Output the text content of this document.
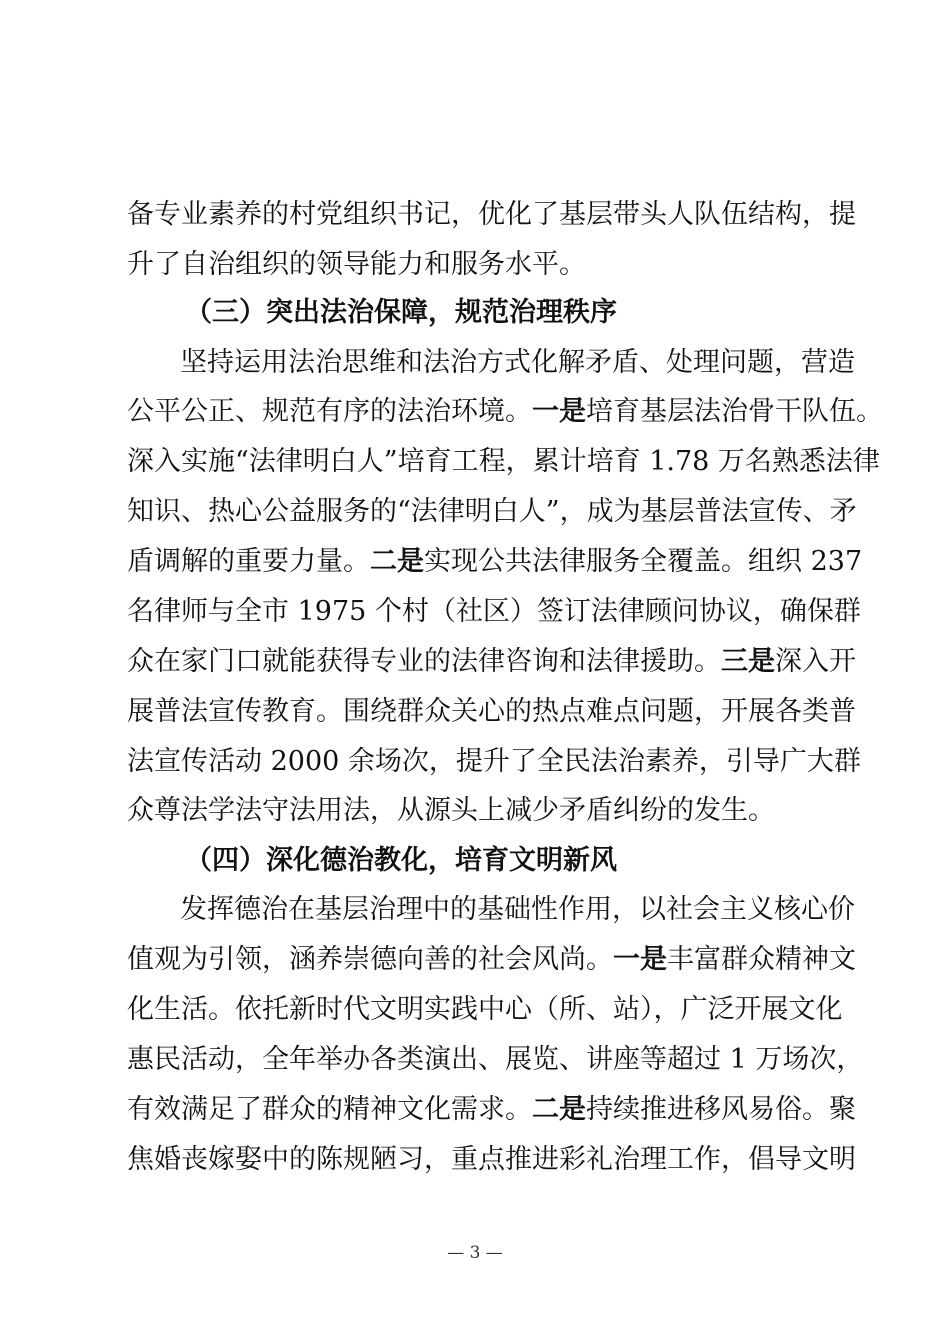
备专业素养的村党组织书记，优化了基层带头人队伍结构，提
升了自治组织的领导能力和服务水平。
（三）突出法治保障，规范治理秩序
坚持运用法治思维和法治方式化解矛盾、处理问题，营造
公平公正、规范有序的法治环境。一是培育基层法治骨干队伍。
深入实施“法律明白人”培育工程，累计培育 1.78 万名熟悉法律
知识、热心公益服务的“法律明白人”，成为基层普法宣传、矛
盾调解的重要力量。二是实现公共法律服务全覆盖。组织 237
名律师与全市 1975 个村（社区）签订法律顾问协议，确保群
众在家门口就能获得专业的法律咨询和法律援助。三是深入开
展普法宣传教育。围绕群众关心的热点难点问题，开展各类普
法宣传活动 2000 余场次，提升了全民法治素养，引导广大群
众尊法学法守法用法，从源头上减少矛盾纠纷的发生。
（四）深化德治教化，培育文明新风
发挥德治在基层治理中的基础性作用，以社会主义核心价
值观为引领，涵养崇德向善的社会风尚。一是丰富群众精神文
化生活。依托新时代文明实践中心（所、站），广泛开展文化
惠民活动，全年举办各类演出、展览、讲座等超过 1 万场次，
有效满足了群众的精神文化需求。二是持续推进移风易俗。聚
焦婚丧嫁娶中的陈规陋习，重点推进彩礼治理工作，倡导文明
— 3 —
